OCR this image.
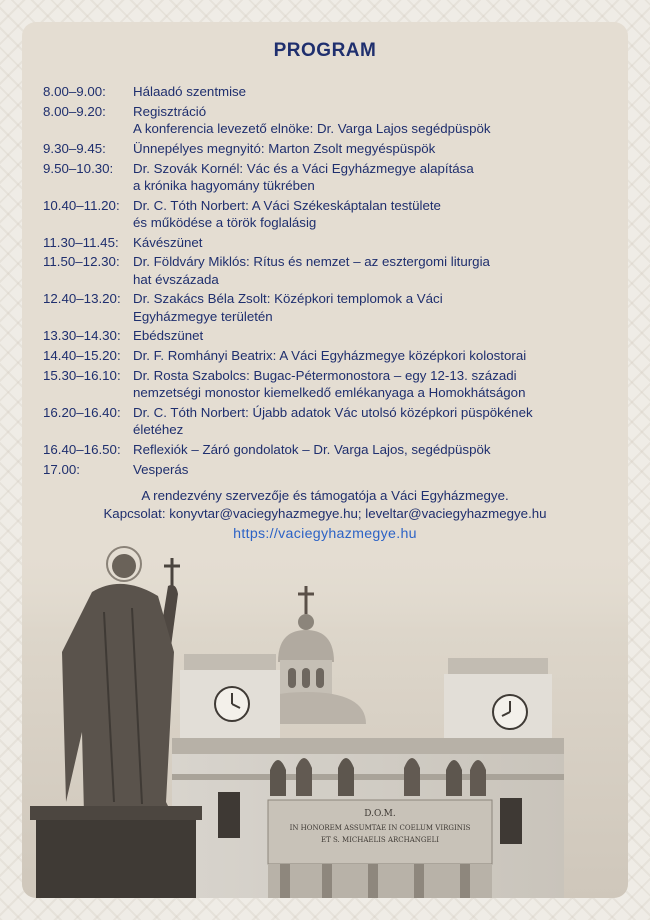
PROGRAM
8.00–9.00:	Hálaadó szentmise
8.00–9.20:	Regisztráció
A konferencia levezető elnöke: Dr. Varga Lajos segédpüspök
9.30–9.45:	Ünnepélyes megnyitó: Marton Zsolt megyéspüspök
9.50–10.30:	Dr. Szovák Kornél: Vác és a Váci Egyházmegye alapítása
a krónika hagyomány tükrében
10.40–11.20:	Dr. C. Tóth Norbert: A Váci Székeskáptalan testülete
és működése a török foglalásig
11.30–11.45:	Kávészünet
11.50–12.30:	Dr. Földváry Miklós: Rítus és nemzet – az esztergomi liturgia
hat évszázada
12.40–13.20: Dr. Szakács Béla Zsolt: Középkori templomok a Váci
Egyházmegye területén
13.30–14.30: Ebédszünet
14.40–15.20: Dr. F. Romhányi Beatrix: A Váci Egyházmegye középkori kolostorai
15.30–16.10: Dr. Rosta Szabolcs: Bugac-Pétermonostora – egy 12-13. századi
nemzetségi monostor kiemelkedő emlékanyaga a Homokhátságon
16.20–16.40: Dr. C. Tóth Norbert: Újabb adatok Vác utolsó középkori püspökének
életéhez
16.40–16.50: Reflexiók – Záró gondolatok – Dr. Varga Lajos, segédpüspök
17.00:	Vesperás
A rendezvény szervezője és támogatója a Váci Egyházmegye.
Kapcsolat: konyvtar@vaciegyhazmegye.hu; leveltar@vaciegyhazmegye.hu
https://vaciegyhazmegye.hu
D.O.M.
IN HONOREM ASSUMTAE IN COELUM VIRGINIS
ET S. MICHAELIS ARCHANGELI
